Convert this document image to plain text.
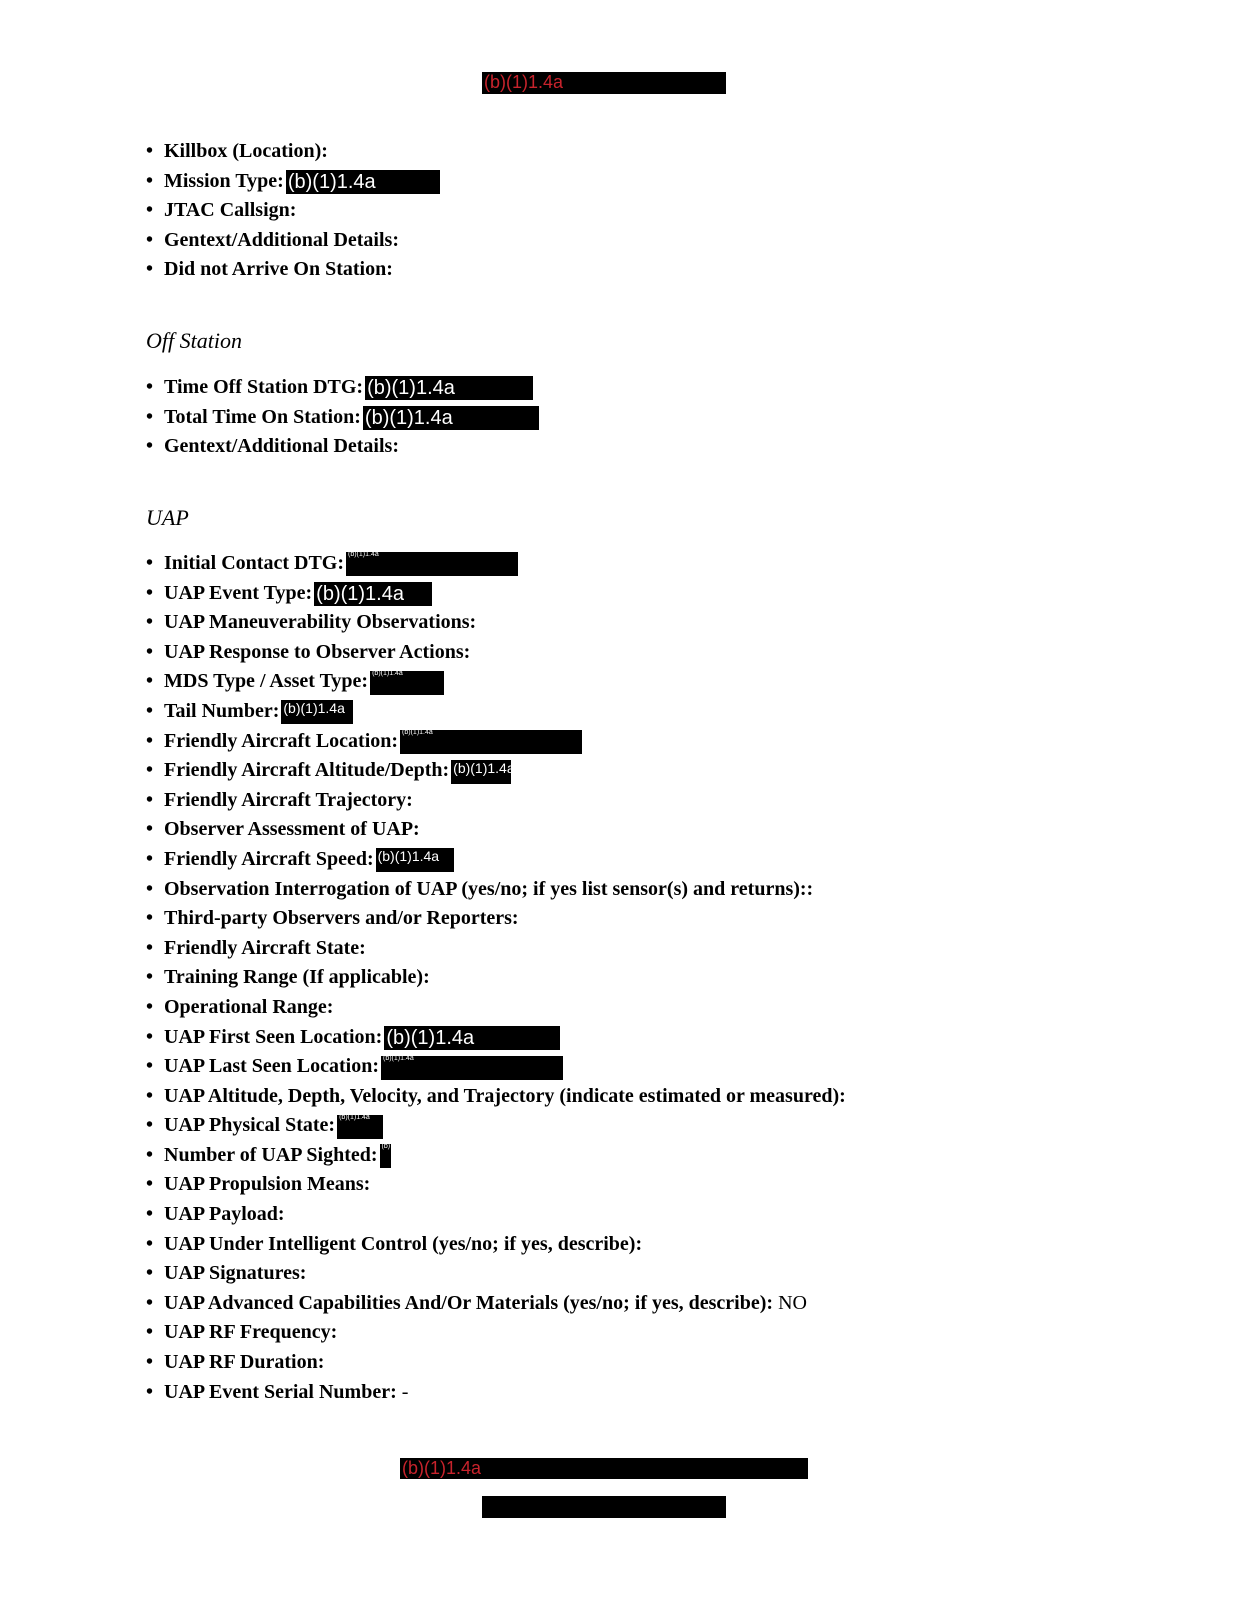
(b)(1)1.4a
• Killbox (Location):
• Mission Type: (b)(1)1.4a
• JTAC Callsign:
• Gentext/Additional Details:
• Did not Arrive On Station:
Off Station
• Time Off Station DTG: (b)(1)1.4a
• Total Time On Station: (b)(1)1.4a
• Gentext/Additional Details:
UAP
• Initial Contact DTG: (b)(1)1.4a
• UAP Event Type: (b)(1)1.4a
• UAP Maneuverability Observations:
• UAP Response to Observer Actions:
• MDS Type / Asset Type: (b)(1)1.4a
• Tail Number: (b)(1)1.4a
• Friendly Aircraft Location: (b)(1)1.4a
• Friendly Aircraft Altitude/Depth: (b)(1)1.4a
• Friendly Aircraft Trajectory:
• Observer Assessment of UAP:
• Friendly Aircraft Speed: (b)(1)1.4a
• Observation Interrogation of UAP (yes/no; if yes list sensor(s) and returns)::
• Third-party Observers and/or Reporters:
• Friendly Aircraft State:
• Training Range (If applicable):
• Operational Range:
• UAP First Seen Location: (b)(1)1.4a
• UAP Last Seen Location: (b)(1)1.4a
• UAP Altitude, Depth, Velocity, and Trajectory (indicate estimated or measured):
• UAP Physical State: (b)(1)1.4a
• Number of UAP Sighted: (b)
• UAP Propulsion Means:
• UAP Payload:
• UAP Under Intelligent Control (yes/no; if yes, describe):
• UAP Signatures:
• UAP Advanced Capabilities And/Or Materials (yes/no; if yes, describe): NO
• UAP RF Frequency:
• UAP RF Duration:
• UAP Event Serial Number: -
(b)(1)1.4a
